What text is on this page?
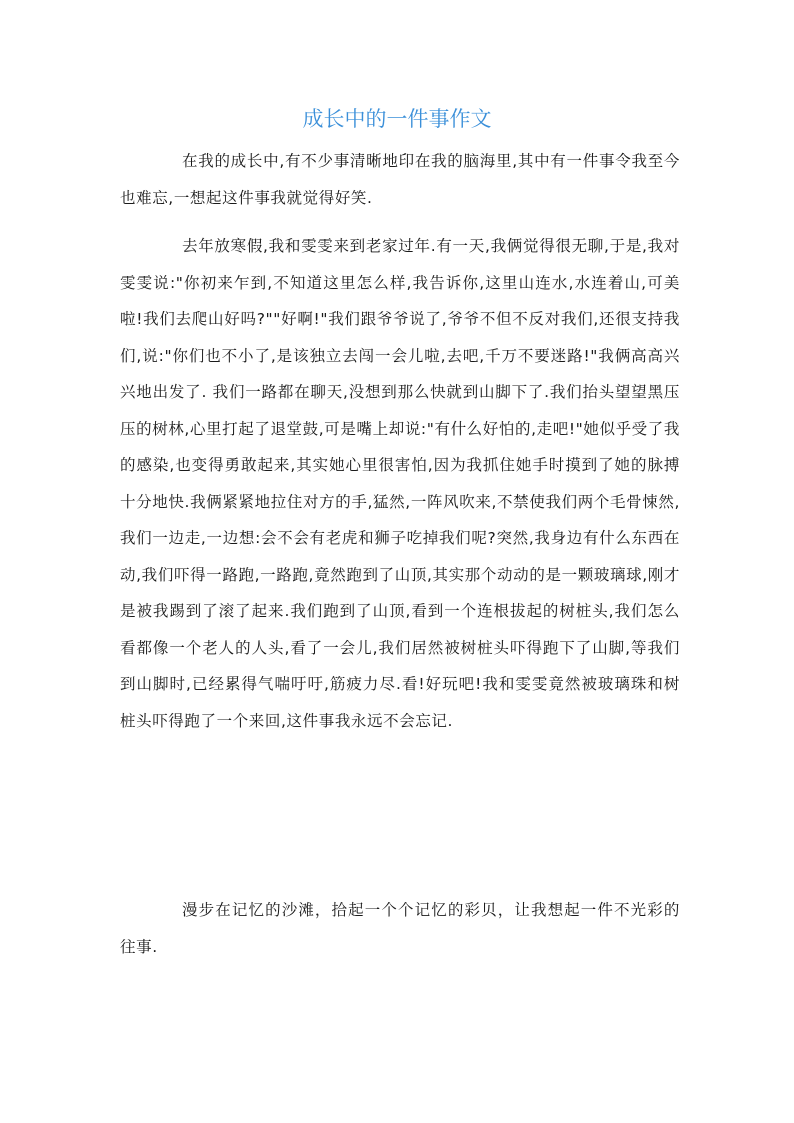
成长中的一件事作文

在我的成长中,有不少事清晰地印在我的脑海里,其中有一件事令我至今也难忘,一想起这件事我就觉得好笑.

去年放寒假,我和雯雯来到老家过年.有一天,我俩觉得很无聊,于是,我对雯雯说:"你初来乍到,不知道这里怎么样,我告诉你,这里山连水,水连着山,可美啦!我们去爬山好吗?""好啊!"我们跟爷爷说了,爷爷不但不反对我们,还很支持我们,说:"你们也不小了,是该独立去闯一会儿啦,去吧,千万不要迷路!"我俩高高兴兴地出发了. 我们一路都在聊天,没想到那么快就到山脚下了.我们抬头望望黑压压的树林,心里打起了退堂鼓,可是嘴上却说:"有什么好怕的,走吧!"她似乎受了我的感染,也变得勇敢起来,其实她心里很害怕,因为我抓住她手时摸到了她的脉搏十分地快.我俩紧紧地拉住对方的手,猛然,一阵风吹来,不禁使我们两个毛骨悚然,我们一边走,一边想:会不会有老虎和狮子吃掉我们呢?突然,我身边有什么东西在动,我们吓得一路跑,一路跑,竟然跑到了山顶,其实那个动动的是一颗玻璃球,刚才是被我踢到了滚了起来.我们跑到了山顶,看到一个连根拔起的树桩头,我们怎么看都像一个老人的人头,看了一会儿,我们居然被树桩头吓得跑下了山脚,等我们到山脚时,已经累得气喘吁吁,筋疲力尽.看!好玩吧!我和雯雯竟然被玻璃珠和树桩头吓得跑了一个来回,这件事我永远不会忘记.

漫步在记忆的沙滩，拾起一个个记忆的彩贝，让我想起一件不光彩的往事.
